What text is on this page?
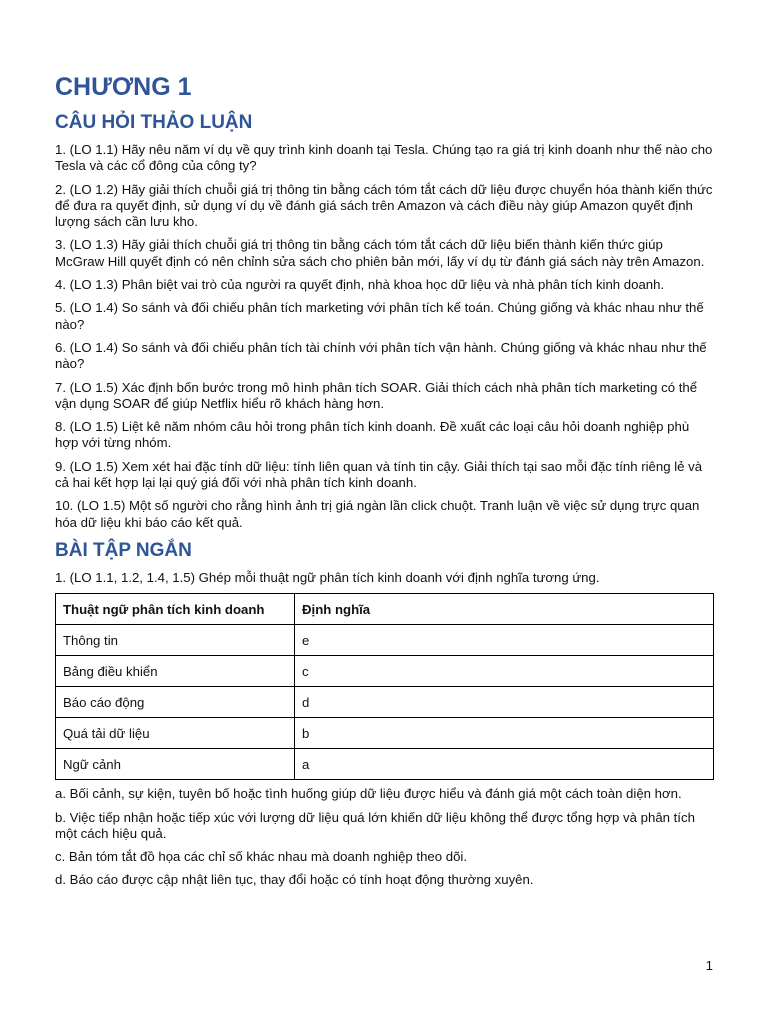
CHƯƠNG 1
CÂU HỎI THẢO LUẬN

1. (LO 1.1) Hãy nêu năm ví dụ về quy trình kinh doanh tại Tesla. Chúng tạo ra giá trị kinh doanh như thế nào cho Tesla và các cổ đông của công ty?

2. (LO 1.2) Hãy giải thích chuỗi giá trị thông tin bằng cách tóm tắt cách dữ liệu được chuyển hóa thành kiến thức để đưa ra quyết định, sử dụng ví dụ về đánh giá sách trên Amazon và cách điều này giúp Amazon quyết định lượng sách cần lưu kho.

3. (LO 1.3) Hãy giải thích chuỗi giá trị thông tin bằng cách tóm tắt cách dữ liệu biến thành kiến thức giúp McGraw Hill quyết định có nên chỉnh sửa sách cho phiên bản mới, lấy ví dụ từ đánh giá sách này trên Amazon.

4. (LO 1.3) Phân biệt vai trò của người ra quyết định, nhà khoa học dữ liệu và nhà phân tích kinh doanh.

5. (LO 1.4) So sánh và đối chiếu phân tích marketing với phân tích kế toán. Chúng giống và khác nhau như thế nào?

6. (LO 1.4) So sánh và đối chiếu phân tích tài chính với phân tích vận hành. Chúng giống và khác nhau như thế nào?

7. (LO 1.5) Xác định bốn bước trong mô hình phân tích SOAR. Giải thích cách nhà phân tích marketing có thể vận dụng SOAR để giúp Netflix hiểu rõ khách hàng hơn.

8. (LO 1.5) Liệt kê năm nhóm câu hỏi trong phân tích kinh doanh. Đề xuất các loại câu hỏi doanh nghiệp phù hợp với từng nhóm.

9. (LO 1.5) Xem xét hai đặc tính dữ liệu: tính liên quan và tính tin cậy. Giải thích tại sao mỗi đặc tính riêng lẻ và cả hai kết hợp lại lại quý giá đối với nhà phân tích kinh doanh.

10. (LO 1.5) Một số người cho rằng hình ảnh trị giá ngàn lần click chuột. Tranh luận về việc sử dụng trực quan hóa dữ liệu khi báo cáo kết quả.

BÀI TẬP NGẮN

1. (LO 1.1, 1.2, 1.4, 1.5) Ghép mỗi thuật ngữ phân tích kinh doanh với định nghĩa tương ứng.

Thuật ngữ phân tích kinh doanh	Định nghĩa
Thông tin	e
Bảng điều khiển	c
Báo cáo động	d
Quá tải dữ liệu	b
Ngữ cảnh	a

a. Bối cảnh, sự kiện, tuyên bố hoặc tình huống giúp dữ liệu được hiểu và đánh giá một cách toàn diện hơn.

b. Việc tiếp nhận hoặc tiếp xúc với lượng dữ liệu quá lớn khiến dữ liệu không thể được tổng hợp và phân tích một cách hiệu quả.

c. Bản tóm tắt đồ họa các chỉ số khác nhau mà doanh nghiệp theo dõi.

d. Báo cáo được cập nhật liên tục, thay đổi hoặc có tính hoạt động thường xuyên.

1
